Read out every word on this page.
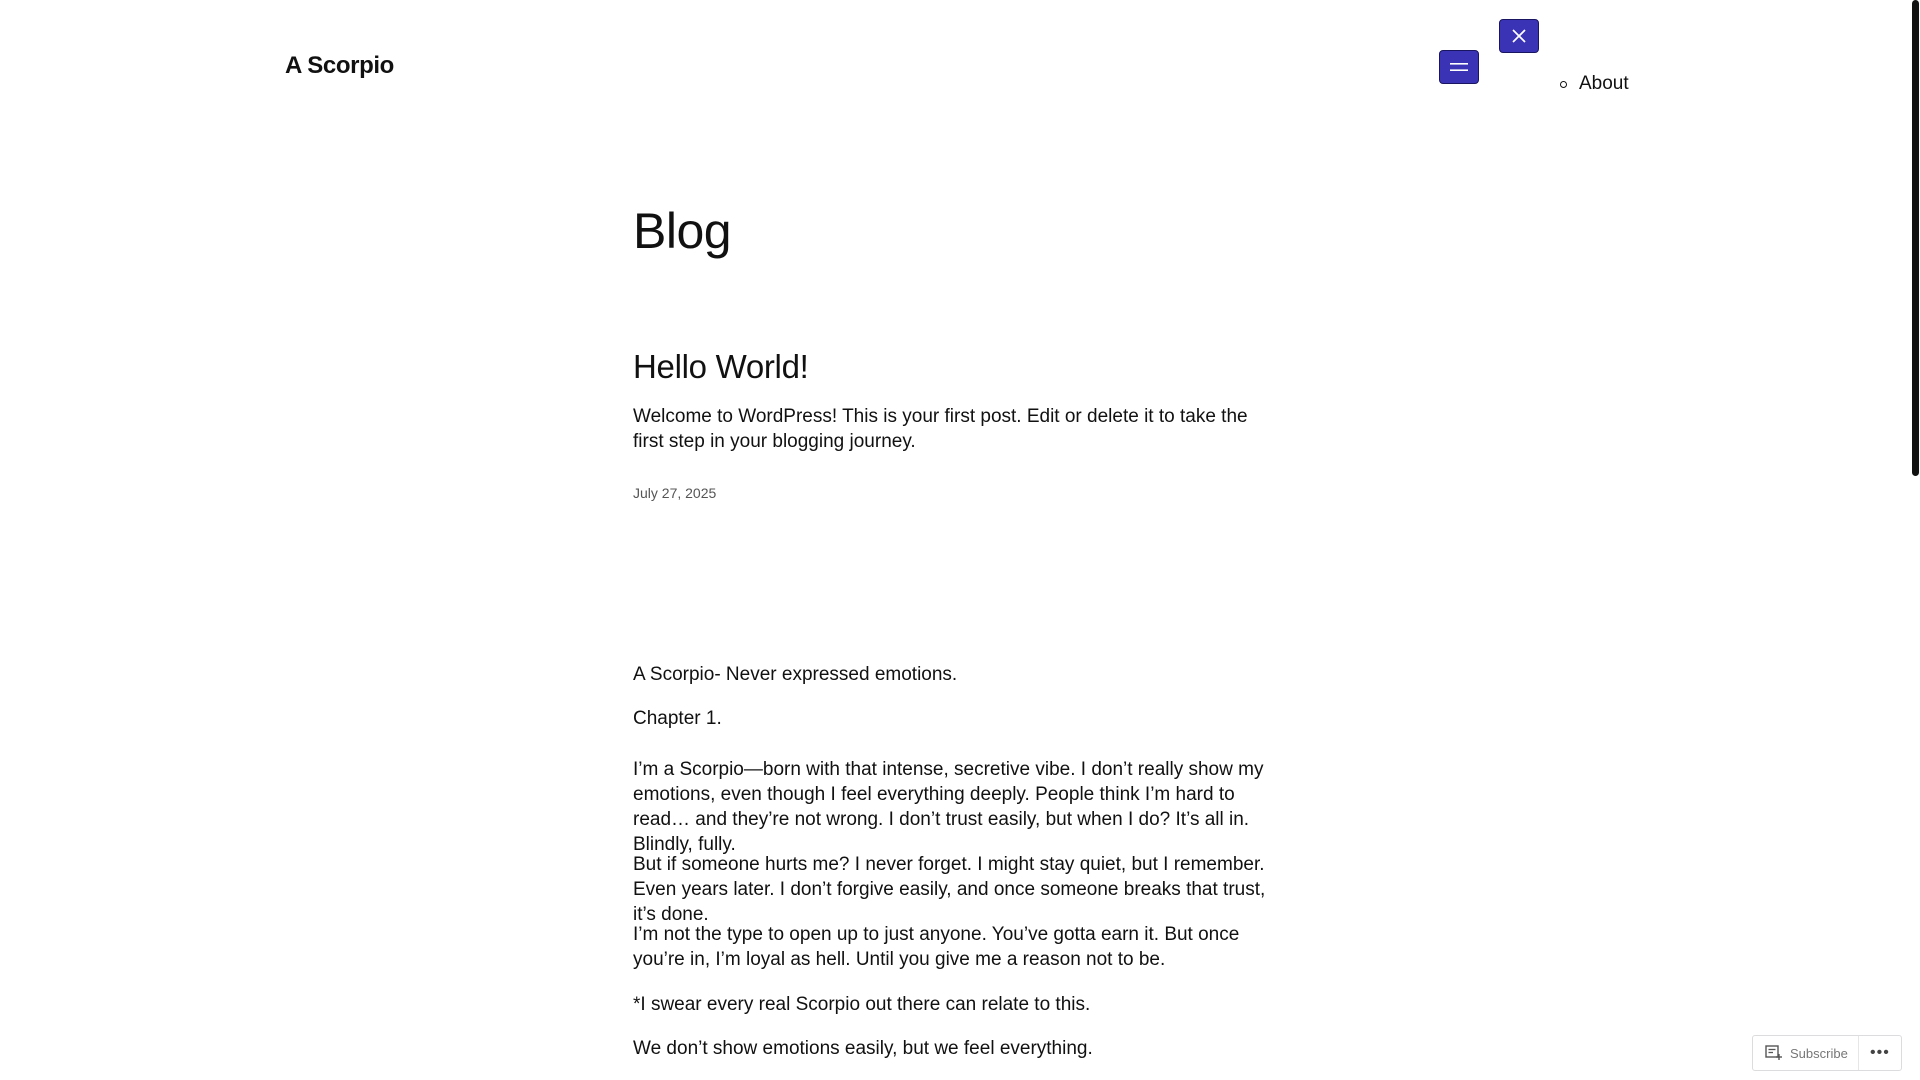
A Scorpio
About
Blog
Hello World!

Welcome to WordPress! This is your first post. Edit or delete it to take the first step in your blogging journey.

July 27, 2025

A Scorpio- Never expressed emotions.

Chapter 1.

I’m a Scorpio—born with that intense, secretive vibe. I don’t really show my emotions, even though I feel everything deeply. People think I’m hard to read… and they’re not wrong. I don’t trust easily, but when I do? It’s all in. Blindly, fully.

But if someone hurts me? I never forget. I might stay quiet, but I remember. Even years later. I don’t forgive easily, and once someone breaks that trust, it’s done.

I’m not the type to open up to just anyone. You’ve gotta earn it. But once you’re in, I’m loyal as hell. Until you give me a reason not to be.

*I swear every real Scorpio out there can relate to this.

We don’t show emotions easily, but we feel everything.	Subscribe	•••
